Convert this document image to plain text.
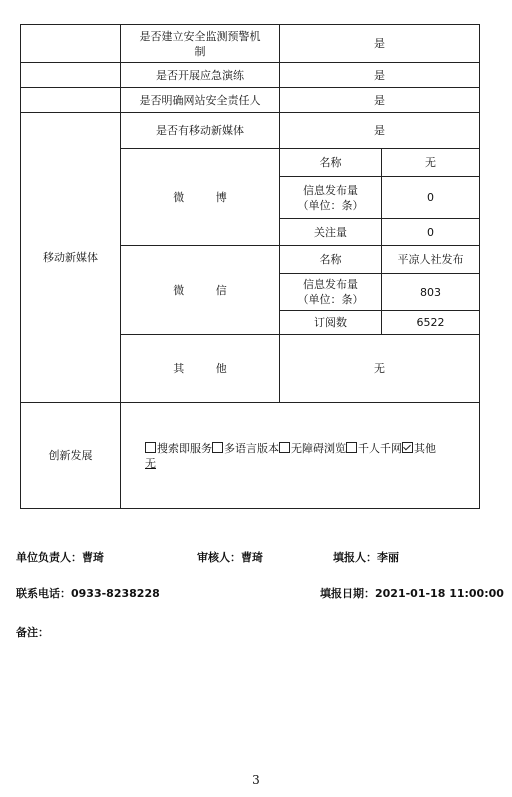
	是否建立安全监测预警机制	是	
	是否开展应急演练	是	
	是否明确网站安全责任人	是	
移动新媒体	是否有移动新媒体	是	
	微 博	名称	无

		信息发布量
（单位：条）	0
		关注量	0
	微 信	名称	平凉人社发布

		信息发布量
（单位：条）	803
		订阅数	6522
	其 他	无	
创新发展	搜索即服务 多语言版本 无障碍浏览 千人千网 其他
无		
单位负责人：曹琦	审核人：曹琦	填报人：李丽
联系电话：0933-8238228	填报日期：2021-01-18 11:00:00
备注：
3
